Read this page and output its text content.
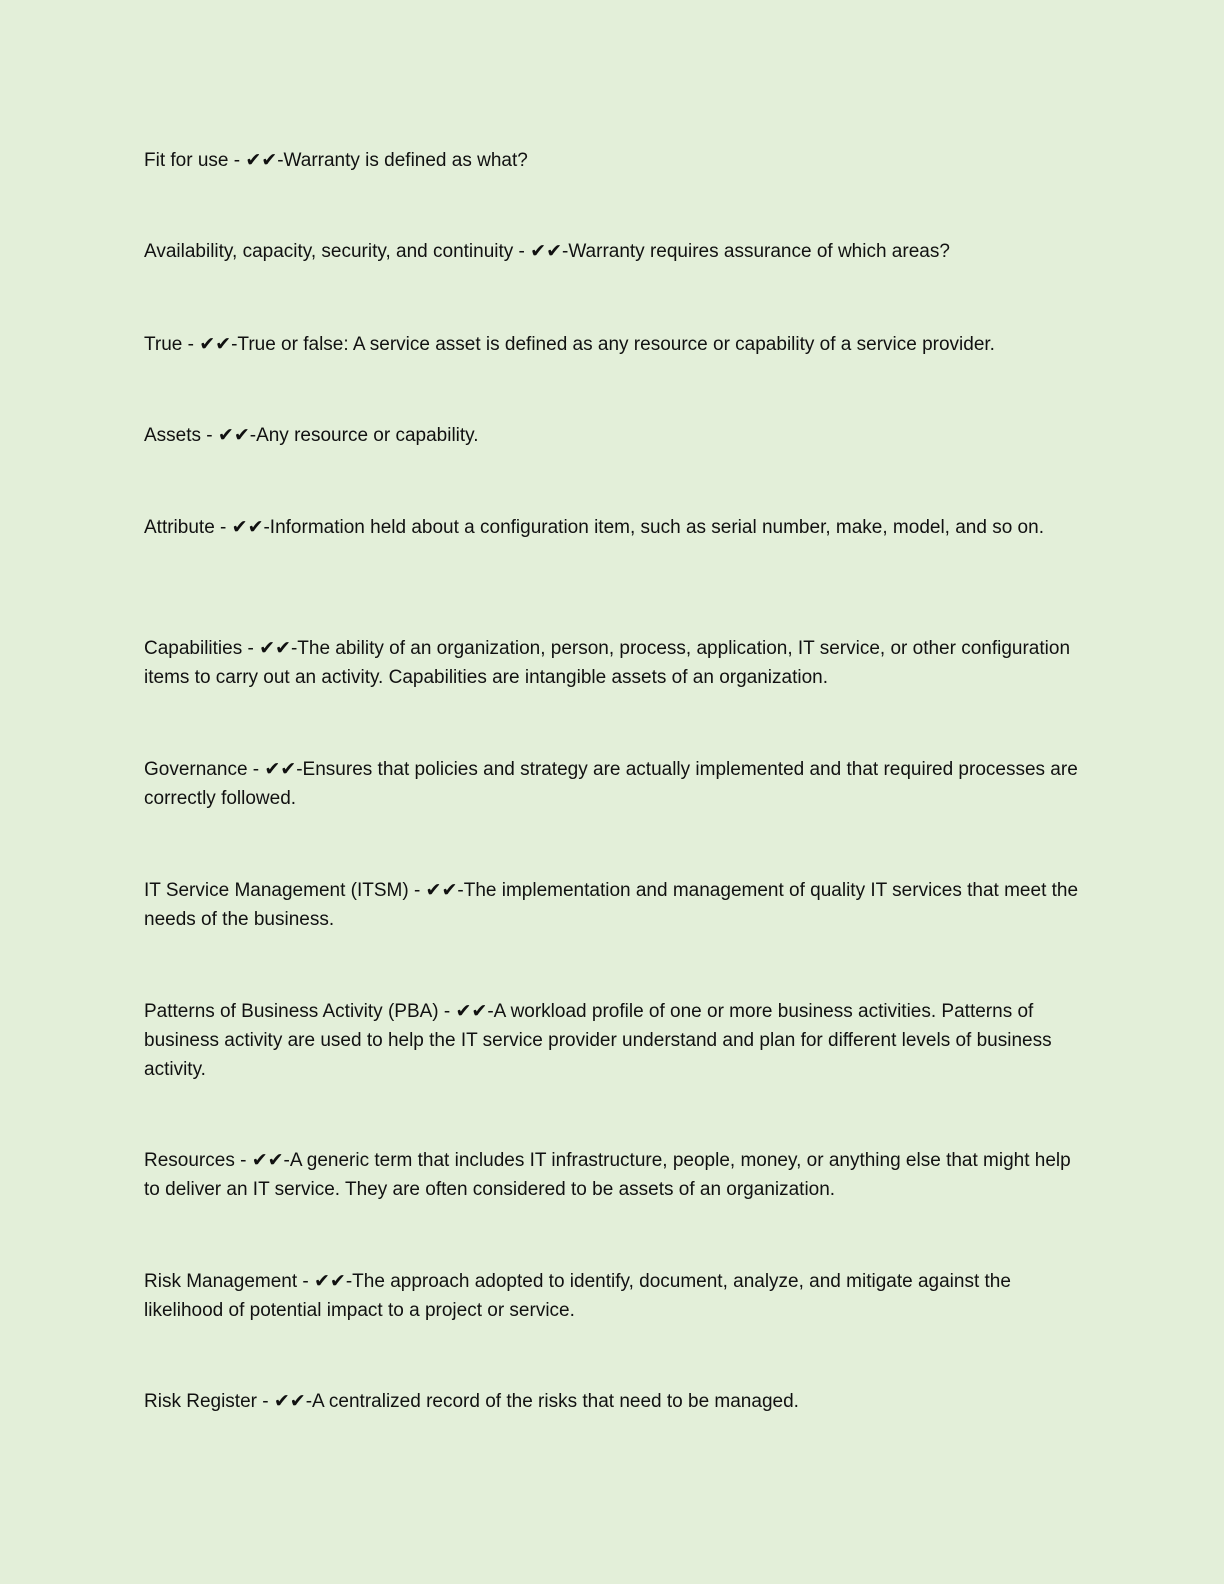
Fit for use - ✔✔-Warranty is defined as what?

Availability, capacity, security, and continuity - ✔✔-Warranty requires assurance of which areas?

True - ✔✔-True or false: A service asset is defined as any resource or capability of a service provider.

Assets - ✔✔-Any resource or capability.

Attribute - ✔✔-Information held about a configuration item, such as serial number, make, model, and so on.

Capabilities - ✔✔-The ability of an organization, person, process, application, IT service, or other configuration items to carry out an activity. Capabilities are intangible assets of an organization.

Governance - ✔✔-Ensures that policies and strategy are actually implemented and that required processes are correctly followed.

IT Service Management (ITSM) - ✔✔-The implementation and management of quality IT services that meet the needs of the business.

Patterns of Business Activity (PBA) - ✔✔-A workload profile of one or more business activities. Patterns of business activity are used to help the IT service provider understand and plan for different levels of business activity.

Resources - ✔✔-A generic term that includes IT infrastructure, people, money, or anything else that might help to deliver an IT service. They are often considered to be assets of an organization.

Risk Management - ✔✔-The approach adopted to identify, document, analyze, and mitigate against the likelihood of potential impact to a project or service.

Risk Register - ✔✔-A centralized record of the risks that need to be managed.
